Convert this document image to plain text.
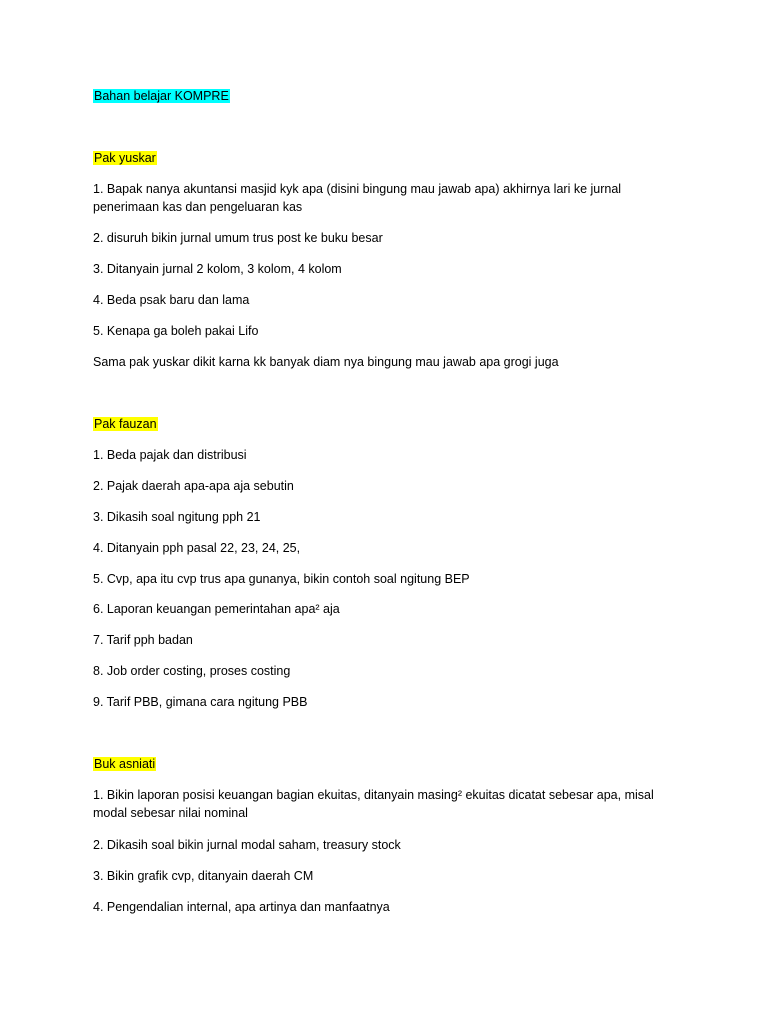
Bahan belajar KOMPRE
Pak yuskar
1. Bapak nanya akuntansi masjid kyk apa (disini bingung mau jawab apa) akhirnya lari ke jurnal penerimaan kas dan pengeluaran kas
2. disuruh bikin jurnal umum trus post ke buku besar
3. Ditanyain jurnal 2 kolom, 3 kolom, 4 kolom
4. Beda psak baru dan lama
5. Kenapa ga boleh pakai Lifo
Sama pak yuskar dikit karna kk banyak diam nya bingung mau jawab apa grogi juga
Pak fauzan
1. Beda pajak dan distribusi
2. Pajak daerah apa-apa aja sebutin
3. Dikasih soal ngitung pph 21
4. Ditanyain pph pasal 22, 23, 24, 25,
5. Cvp, apa itu cvp trus apa gunanya, bikin contoh soal ngitung BEP
6. Laporan keuangan pemerintahan apa² aja
7. Tarif pph badan
8. Job order costing, proses costing
9. Tarif PBB, gimana cara ngitung PBB
Buk asniati
1. Bikin laporan posisi keuangan bagian ekuitas, ditanyain masing² ekuitas dicatat sebesar apa, misal modal sebesar nilai nominal
2. Dikasih soal bikin jurnal modal saham, treasury stock
3. Bikin grafik cvp, ditanyain daerah CM
4. Pengendalian internal, apa artinya dan manfaatnya
